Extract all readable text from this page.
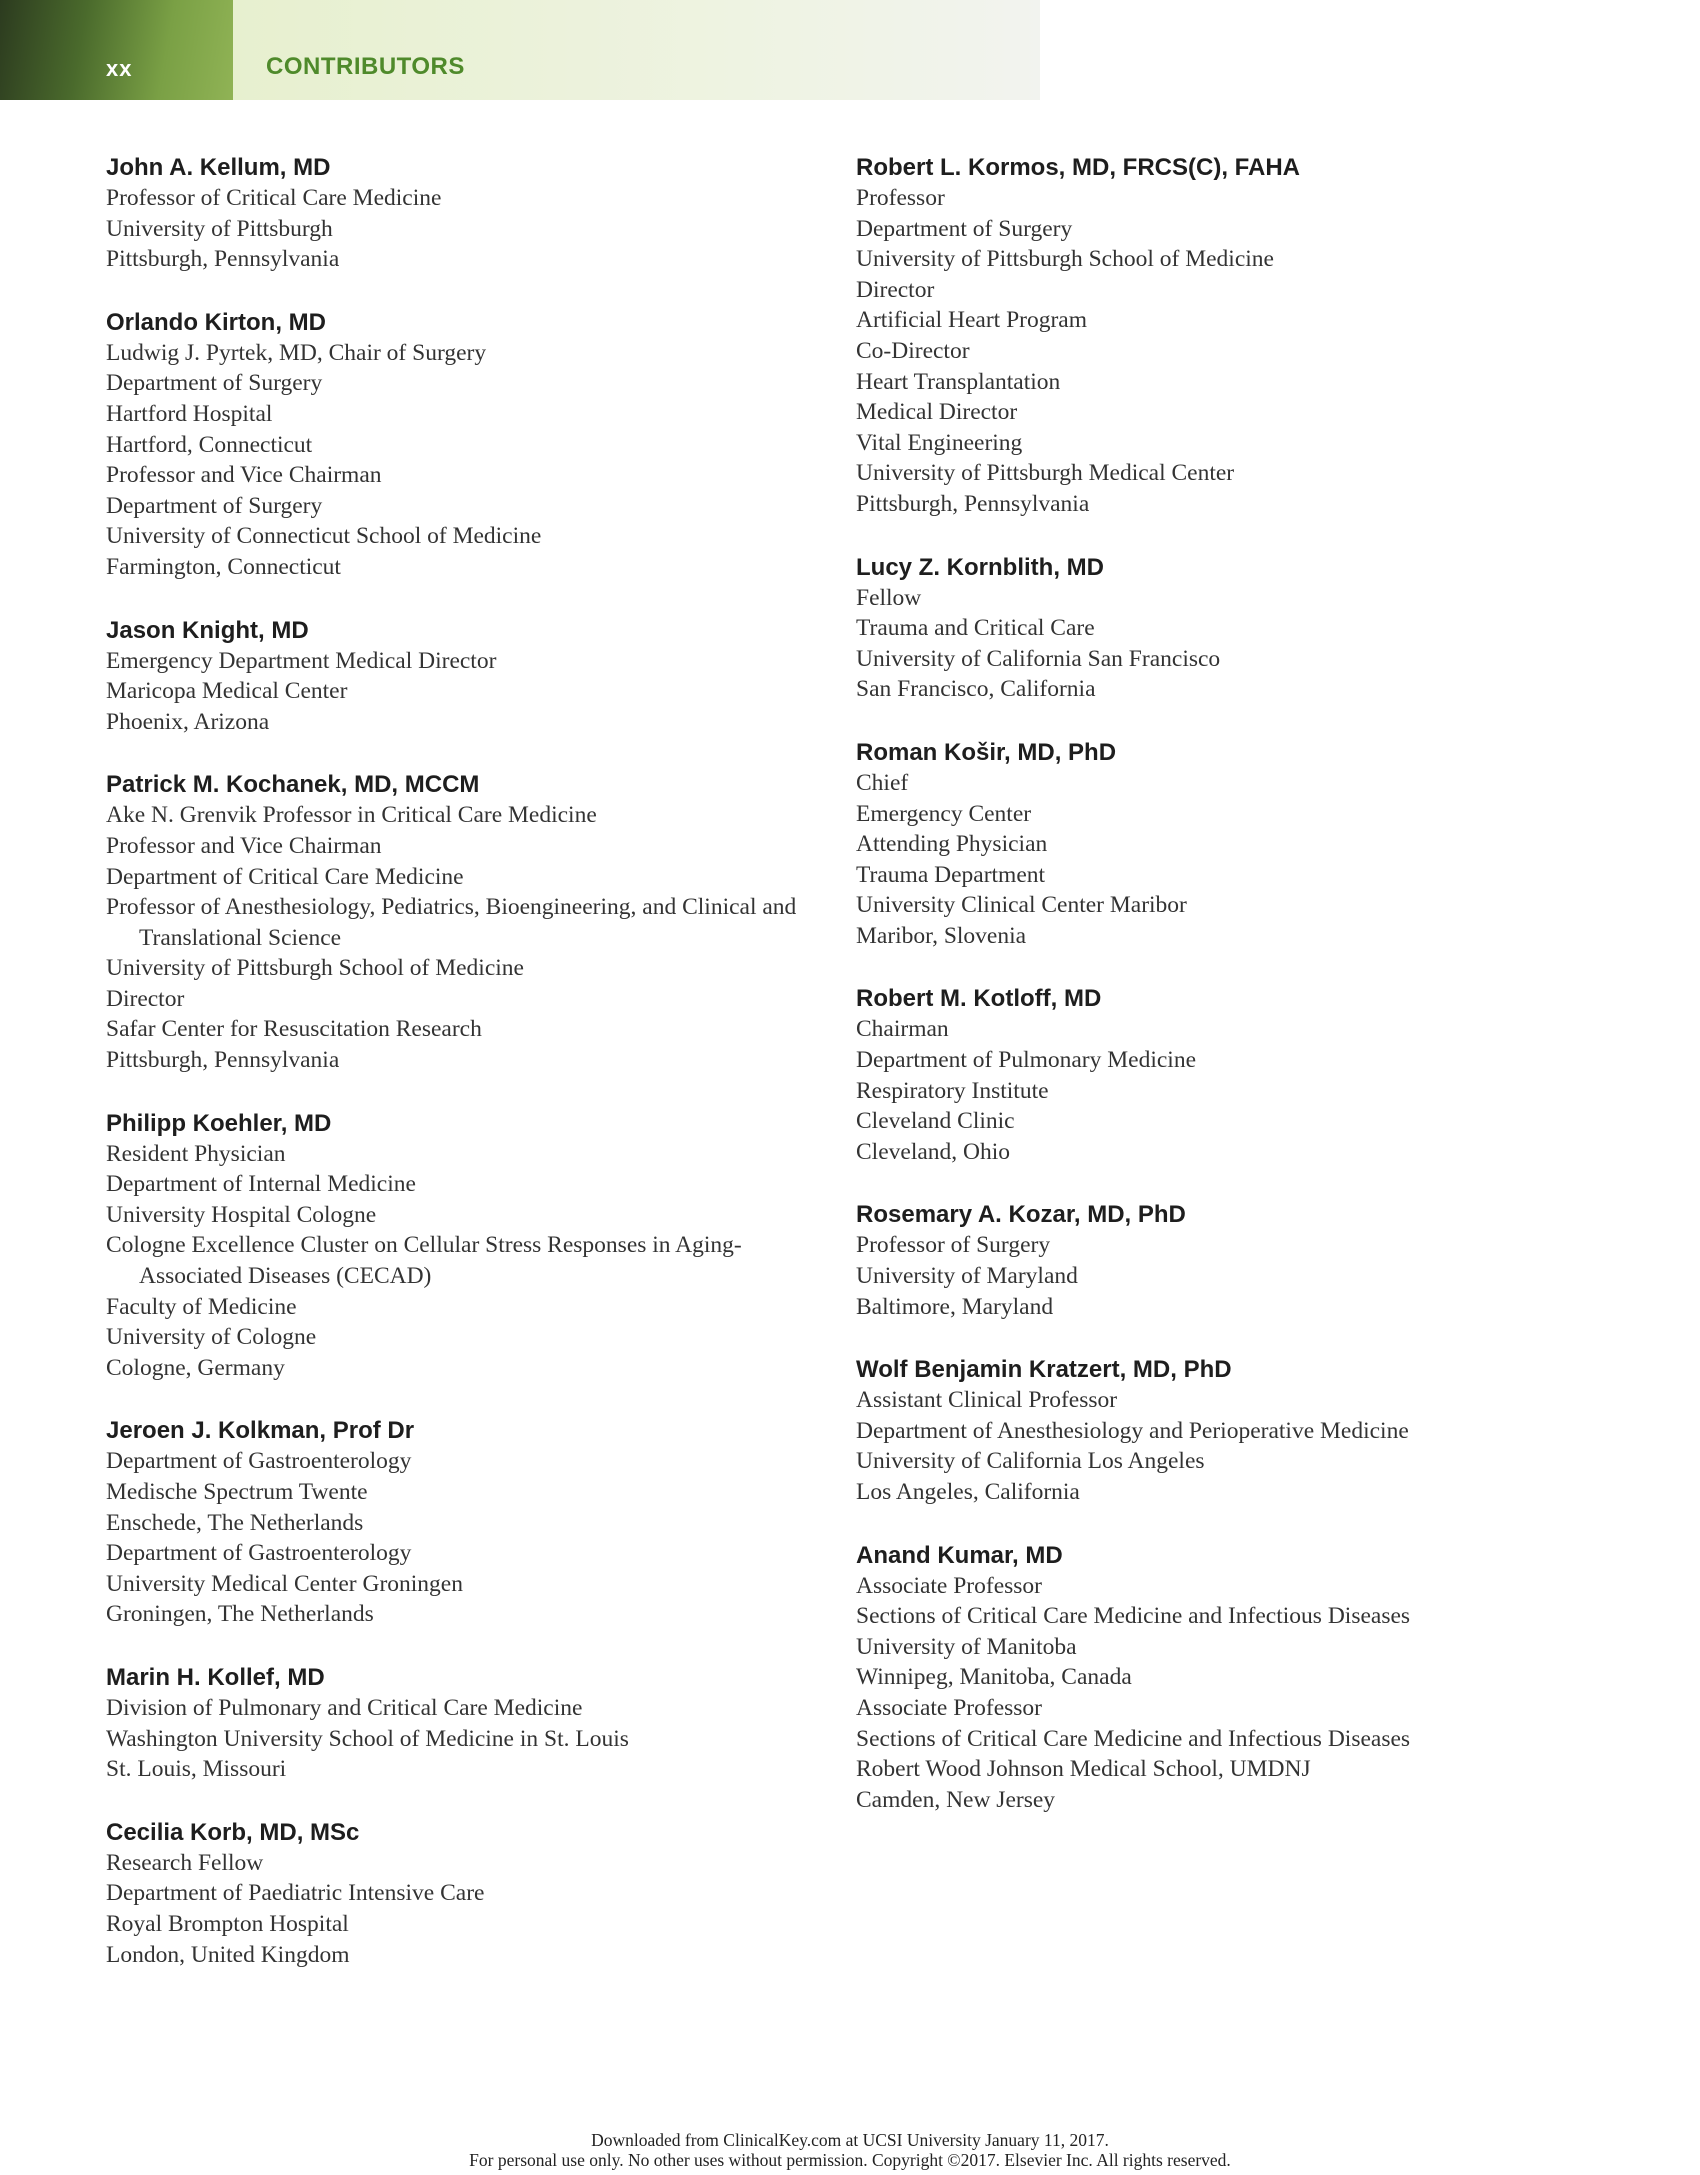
xx	CONTRIBUTORS
John A. Kellum, MD
Professor of Critical Care Medicine
University of Pittsburgh
Pittsburgh, Pennsylvania
Orlando Kirton, MD
Ludwig J. Pyrtek, MD, Chair of Surgery
Department of Surgery
Hartford Hospital
Hartford, Connecticut
Professor and Vice Chairman
Department of Surgery
University of Connecticut School of Medicine
Farmington, Connecticut
Jason Knight, MD
Emergency Department Medical Director
Maricopa Medical Center
Phoenix, Arizona
Patrick M. Kochanek, MD, MCCM
Ake N. Grenvik Professor in Critical Care Medicine
Professor and Vice Chairman
Department of Critical Care Medicine
Professor of Anesthesiology, Pediatrics, Bioengineering, and Clinical and Translational Science
University of Pittsburgh School of Medicine
Director
Safar Center for Resuscitation Research
Pittsburgh, Pennsylvania
Philipp Koehler, MD
Resident Physician
Department of Internal Medicine
University Hospital Cologne
Cologne Excellence Cluster on Cellular Stress Responses in Aging-Associated Diseases (CECAD)
Faculty of Medicine
University of Cologne
Cologne, Germany
Jeroen J. Kolkman, Prof Dr
Department of Gastroenterology
Medische Spectrum Twente
Enschede, The Netherlands
Department of Gastroenterology
University Medical Center Groningen
Groningen, The Netherlands
Marin H. Kollef, MD
Division of Pulmonary and Critical Care Medicine
Washington University School of Medicine in St. Louis
St. Louis, Missouri
Cecilia Korb, MD, MSc
Research Fellow
Department of Paediatric Intensive Care
Royal Brompton Hospital
London, United Kingdom
Robert L. Kormos, MD, FRCS(C), FAHA
Professor
Department of Surgery
University of Pittsburgh School of Medicine
Director
Artificial Heart Program
Co-Director
Heart Transplantation
Medical Director
Vital Engineering
University of Pittsburgh Medical Center
Pittsburgh, Pennsylvania
Lucy Z. Kornblith, MD
Fellow
Trauma and Critical Care
University of California San Francisco
San Francisco, California
Roman Košir, MD, PhD
Chief
Emergency Center
Attending Physician
Trauma Department
University Clinical Center Maribor
Maribor, Slovenia
Robert M. Kotloff, MD
Chairman
Department of Pulmonary Medicine
Respiratory Institute
Cleveland Clinic
Cleveland, Ohio
Rosemary A. Kozar, MD, PhD
Professor of Surgery
University of Maryland
Baltimore, Maryland
Wolf Benjamin Kratzert, MD, PhD
Assistant Clinical Professor
Department of Anesthesiology and Perioperative Medicine
University of California Los Angeles
Los Angeles, California
Anand Kumar, MD
Associate Professor
Sections of Critical Care Medicine and Infectious Diseases
University of Manitoba
Winnipeg, Manitoba, Canada
Associate Professor
Sections of Critical Care Medicine and Infectious Diseases
Robert Wood Johnson Medical School, UMDNJ
Camden, New Jersey
Downloaded from ClinicalKey.com at UCSI University January 11, 2017.
For personal use only. No other uses without permission. Copyright ©2017. Elsevier Inc. All rights reserved.
